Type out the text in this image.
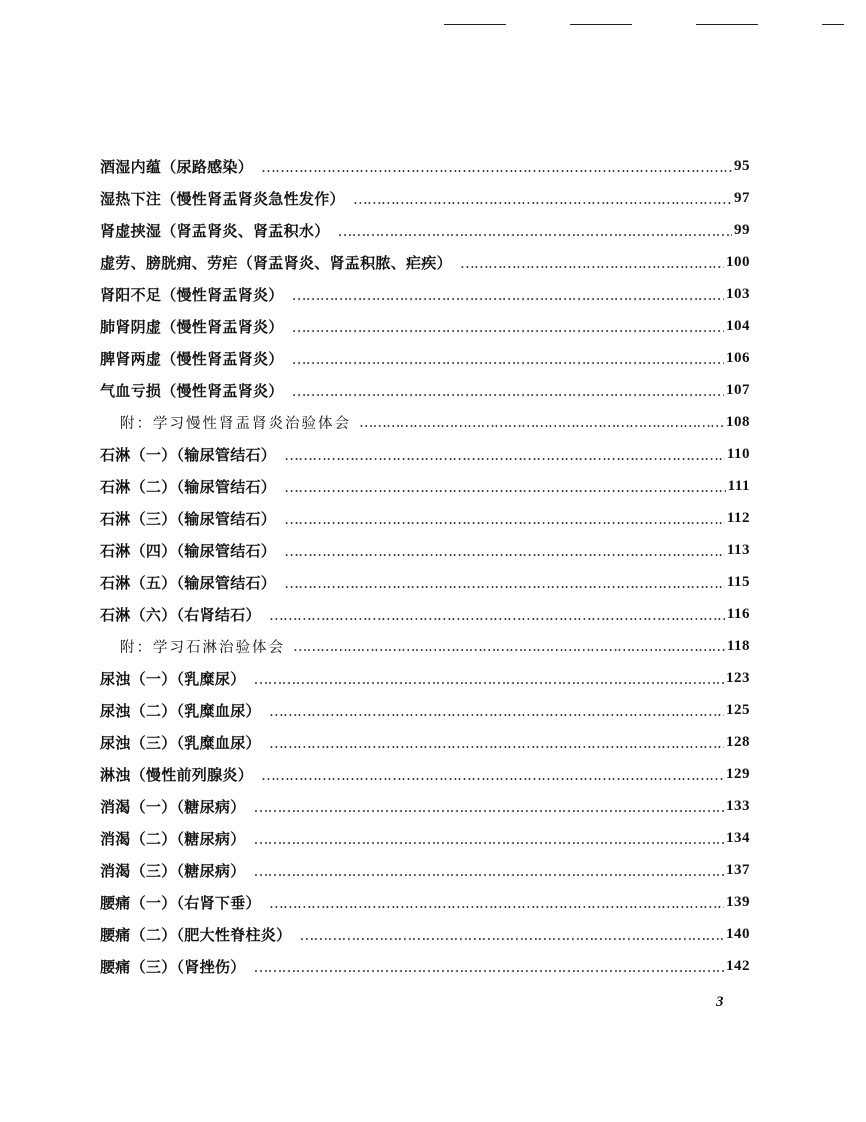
酒湿内蕴（尿路感染） ……………………………………………………………………………………………………………………………………………………………	95
湿热下注（慢性肾盂肾炎急性发作） ……………………………………………………………………………………………………………………………………………………………	97
肾虚挟湿（肾盂肾炎、肾盂积水） ……………………………………………………………………………………………………………………………………………………………	99
虚劳、膀胱痈、劳疟（肾盂肾炎、肾盂积脓、疟疾） ……………………………………………………………………………………………………………………………………………………………	100
肾阳不足（慢性肾盂肾炎） ……………………………………………………………………………………………………………………………………………………………	103
肺肾阴虚（慢性肾盂肾炎） ……………………………………………………………………………………………………………………………………………………………	104
脾肾两虚（慢性肾盂肾炎） ……………………………………………………………………………………………………………………………………………………………	106
气血亏损（慢性肾盂肾炎） ……………………………………………………………………………………………………………………………………………………………	107
附：学习慢性肾盂肾炎治验体会 ……………………………………………………………………………………………………………………………………………………………	108
石淋（一）（输尿管结石） ……………………………………………………………………………………………………………………………………………………………	110
石淋（二）（输尿管结石） ……………………………………………………………………………………………………………………………………………………………	111
石淋（三）（输尿管结石） ……………………………………………………………………………………………………………………………………………………………	112
石淋（四）（输尿管结石） ……………………………………………………………………………………………………………………………………………………………	113
石淋（五）（输尿管结石） ……………………………………………………………………………………………………………………………………………………………	115
石淋（六）（右肾结石） ……………………………………………………………………………………………………………………………………………………………	116
附：学习石淋治验体会 ……………………………………………………………………………………………………………………………………………………………	118
尿浊（一）（乳糜尿） ……………………………………………………………………………………………………………………………………………………………	123
尿浊（二）（乳糜血尿） ……………………………………………………………………………………………………………………………………………………………	125
尿浊（三）（乳糜血尿） ……………………………………………………………………………………………………………………………………………………………	128
淋浊（慢性前列腺炎） ……………………………………………………………………………………………………………………………………………………………	129
消渴（一）（糖尿病） ……………………………………………………………………………………………………………………………………………………………	133
消渴（二）（糖尿病） ……………………………………………………………………………………………………………………………………………………………	134
消渴（三）（糖尿病） ……………………………………………………………………………………………………………………………………………………………	137
腰痛（一）（右肾下垂） ……………………………………………………………………………………………………………………………………………………………	139
腰痛（二）（肥大性脊柱炎） ……………………………………………………………………………………………………………………………………………………………	140
腰痛（三）（肾挫伤） ……………………………………………………………………………………………………………………………………………………………	142
3
